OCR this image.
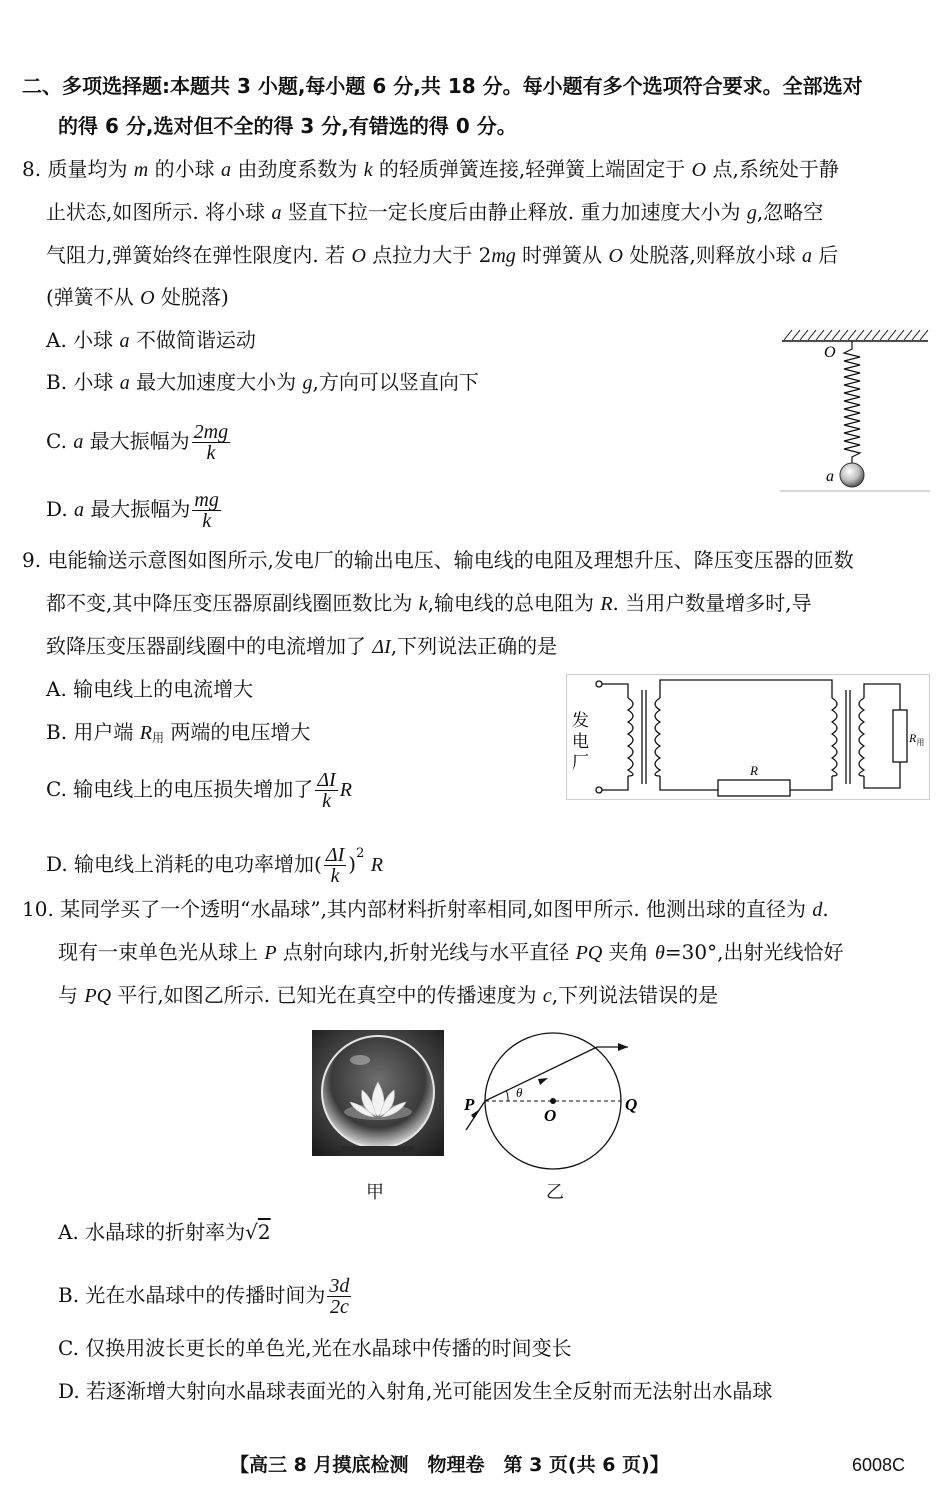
二、多项选择题:本题共 3 小题,每小题 6 分,共 18 分。每小题有多个选项符合要求。全部选对
的得 6 分,选对但不全的得 3 分,有错选的得 0 分。
8. 质量均为 m 的小球 a 由劲度系数为 k 的轻质弹簧连接,轻弹簧上端固定于 O 点,系统处于静
止状态,如图所示. 将小球 a 竖直下拉一定长度后由静止释放. 重力加速度大小为 g,忽略空
气阻力,弹簧始终在弹性限度内. 若 O 点拉力大于 2mg 时弹簧从 O 处脱落,则释放小球 a 后
(弹簧不从 O 处脱落)
A. 小球 a 不做简谐运动
B. 小球 a 最大加速度大小为 g,方向可以竖直向下
C. a 最大振幅为 $\frac{2mg}{k}$
D. a 最大振幅为 $\frac{mg}{k}$
O
a
9. 电能输送示意图如图所示,发电厂的输出电压、输电线的电阻及理想升压、降压变压器的匝数
都不变,其中降压变压器原副线圈匝数比为 k,输电线的总电阻为 R. 当用户数量增多时,导
致降压变压器副线圈中的电流增加了 ΔI,下列说法正确的是
A. 输电线上的电流增大
B. 用户端 $R_用$ 两端的电压增大
C. 输电线上的电压损失增加了 $\frac{\Delta I}{k}$ R
D. 输电线上消耗的电功率增加( $\frac{\Delta I}{k} )^2$ R
发
电
厂	R
$R_用$
10. 某同学买了一个透明“水晶球”,其内部材料折射率相同,如图甲所示. 他测出球的直径为 d.
现有一束单色光从球上 P 点射向球内,折射光线与水平直径 PQ 夹角 θ=30°,出射光线恰好
与 PQ 平行,如图乙所示. 已知光在真空中的传播速度为 c,下列说法错误的是
P
O
Q
θ
甲	乙
A. 水晶球的折射率为√2
B. 光在水晶球中的传播时间为 $\frac{3d}{2c}$
C. 仅换用波长更长的单色光,光在水晶球中传播的时间变长
D. 若逐渐增大射向水晶球表面光的入射角,光可能因发生全反射而无法射出水晶球
【高三 8 月摸底检测　物理卷　第 3 页(共 6 页)】	6008C
